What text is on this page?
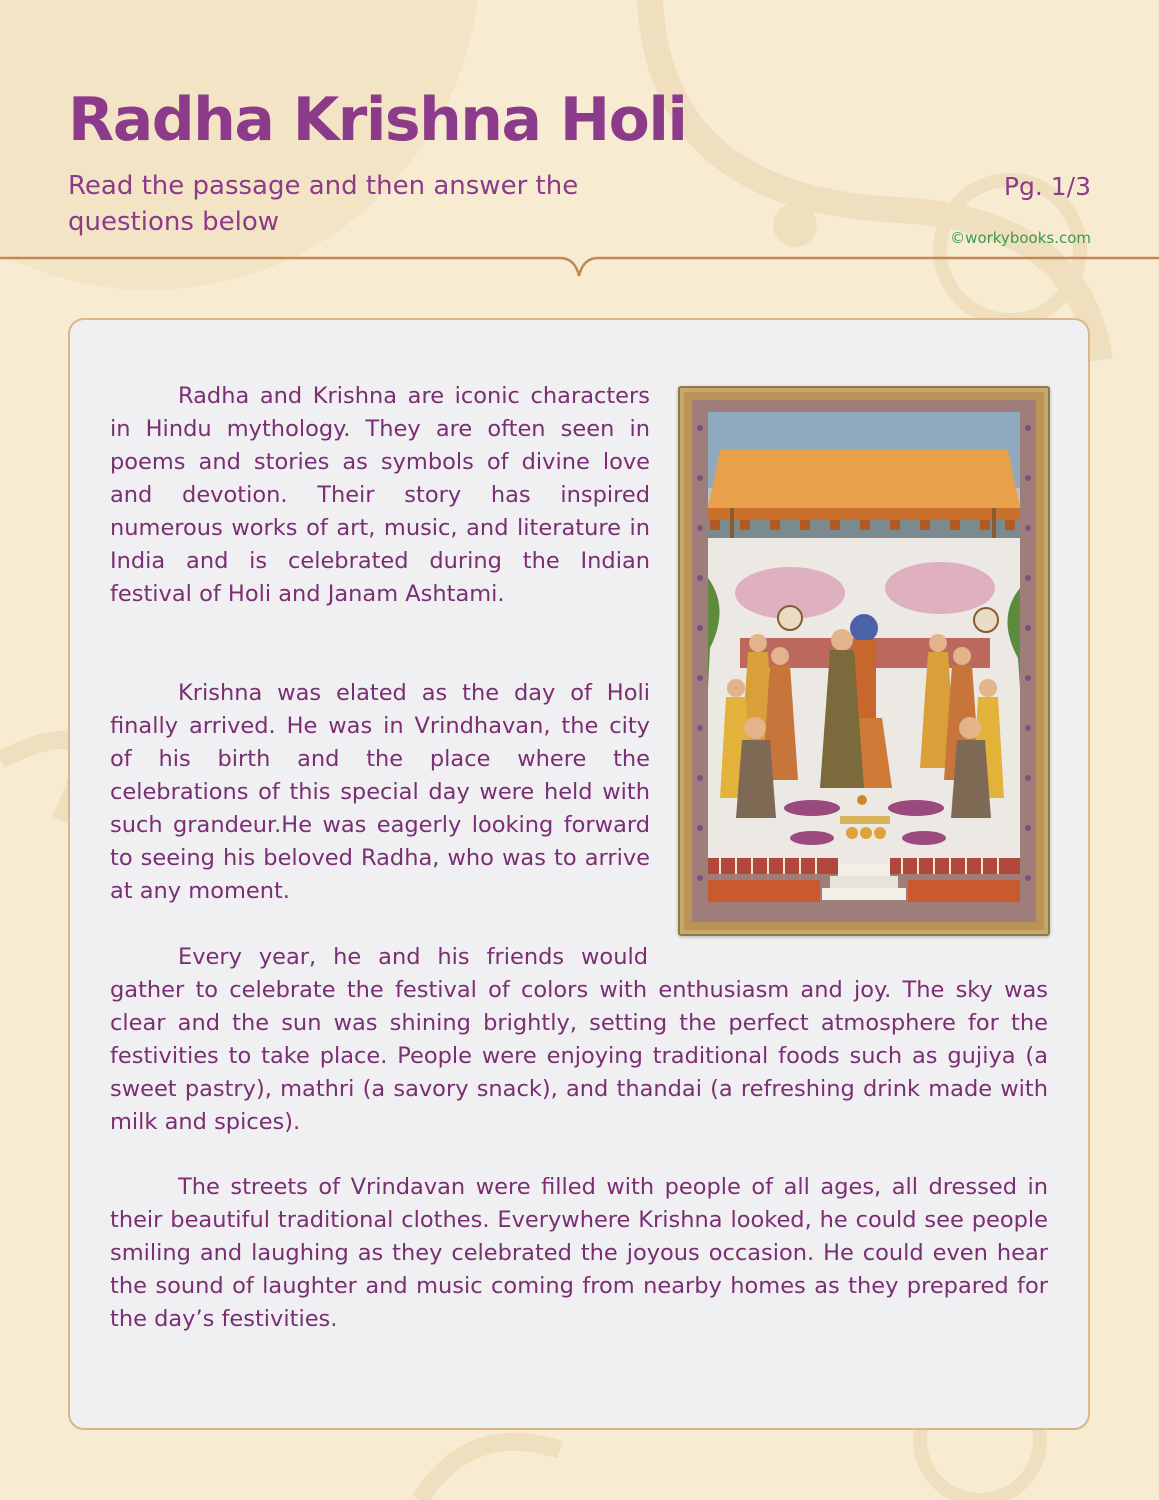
Radha Krishna Holi

Read the passage and then answer the questions below

Pg. 1/3
©workybooks.com

Radha and Krishna are iconic characters in Hindu mythology. They are often seen in poems and stories as symbols of divine love and devotion. Their story has inspired numerous works of art, music, and literature in India and is celebrated during the Indian festival of Holi and Janam Ashtami.

Krishna was elated as the day of Holi finally arrived. He was in Vrindhavan, the city of his birth and the place where the celebrations of this special day were held with such grandeur.He was eagerly looking forward to seeing his beloved Radha, who was to arrive at any moment.

Every year, he and his friends would gather to celebrate the festival of colors with enthusiasm and joy. The sky was clear and the sun was shining brightly, setting the perfect atmosphere for the festivities to take place. People were enjoying traditional foods such as gujiya (a sweet pastry), mathri (a savory snack), and thandai (a refreshing drink made with milk and spices).

The streets of Vrindavan were filled with people of all ages, all dressed in their beautiful traditional clothes. Everywhere Krishna looked, he could see people smiling and laughing as they celebrated the joyous occasion. He could even hear the sound of laughter and music coming from nearby homes as they prepared for the day’s festivities.
